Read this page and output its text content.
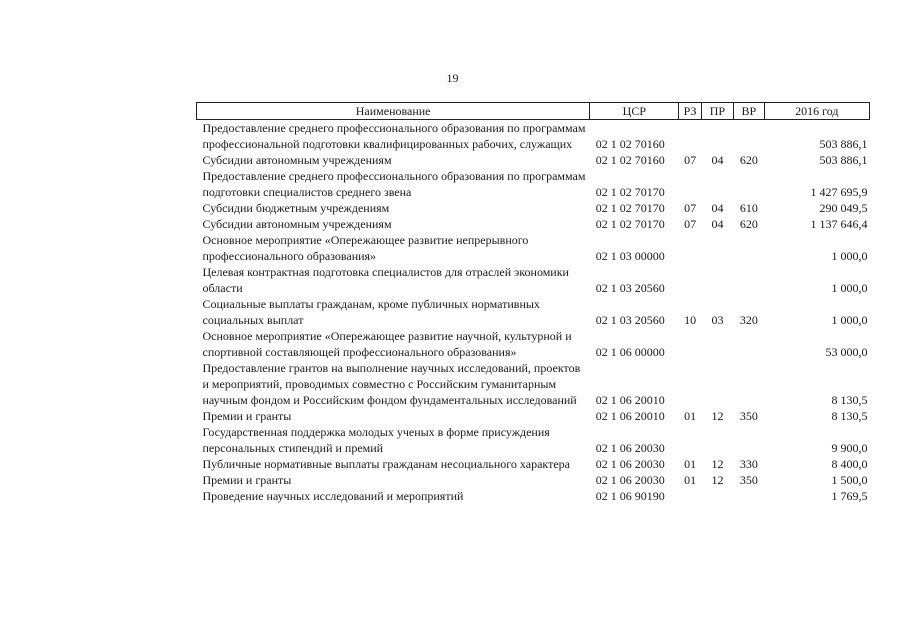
19
Наименование	ЦСР	РЗ	ПР	ВР	2016 год
Предоставление среднего профессионального образования по программам профессиональной подготовки квалифицированных рабочих, служащих	02 1 02 70160				503 886,1
Субсидии автономным учреждениям	02 1 02 70160	07	04	620	503 886,1
Предоставление среднего профессионального образования по программам подготовки специалистов среднего звена	02 1 02 70170				1 427 695,9
Субсидии бюджетным учреждениям	02 1 02 70170	07	04	610	290 049,5
Субсидии автономным учреждениям	02 1 02 70170	07	04	620	1 137 646,4
Основное мероприятие «Опережающее развитие непрерывного профессионального образования»	02 1 03 00000				1 000,0
Целевая контрактная подготовка специалистов для отраслей экономики области	02 1 03 20560				1 000,0
Социальные выплаты гражданам, кроме публичных нормативных социальных выплат	02 1 03 20560	10	03	320	1 000,0
Основное мероприятие «Опережающее развитие научной, культурной и спортивной составляющей профессионального образования»	02 1 06 00000				53 000,0
Предоставление грантов на выполнение научных исследований, проектов и мероприятий, проводимых совместно с Российским гуманитарным научным фондом и Российским фондом фундаментальных исследований	02 1 06 20010				8 130,5
Премии и гранты	02 1 06 20010	01	12	350	8 130,5
Государственная поддержка молодых ученых в форме присуждения персональных стипендий и премий	02 1 06 20030				9 900,0
Публичные нормативные выплаты гражданам несоциального характера	02 1 06 20030	01	12	330	8 400,0
Премии и гранты	02 1 06 20030	01	12	350	1 500,0
Проведение научных исследований и мероприятий	02 1 06 90190				1 769,5
